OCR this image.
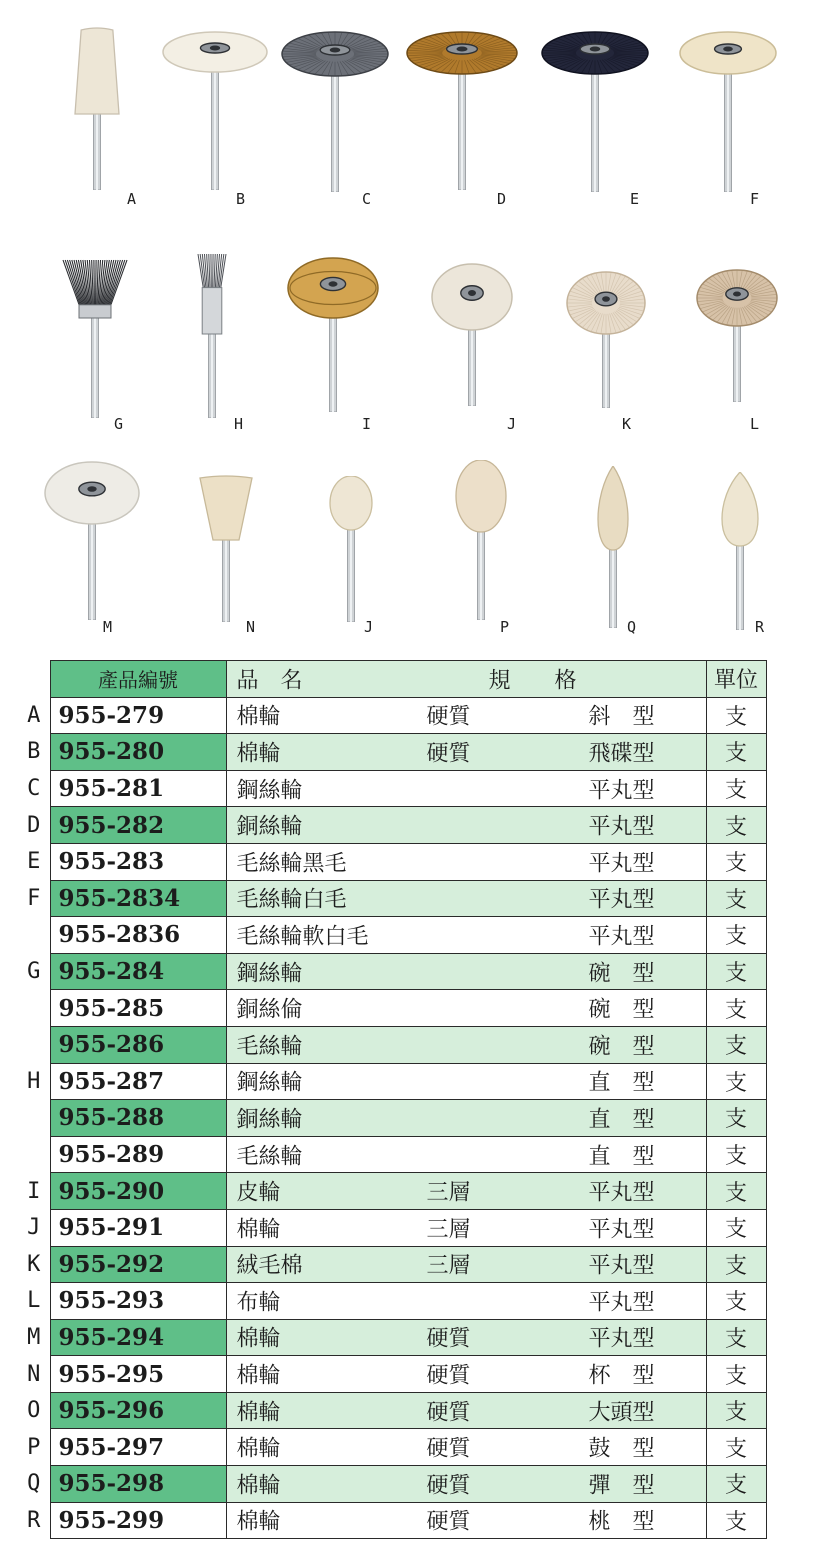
A	B	C	D	E	F
G	H	I	J	K	L
M	N	J	P	Q	R
	產品編號	品　名 規　　格	單位
A	955-279	棉輪 硬質 斜　型	支
B	955-280	棉輪 硬質 飛碟型	支
C	955-281	鋼絲輪 平丸型	支
D	955-282	銅絲輪 平丸型	支
E	955-283	毛絲輪黑毛 平丸型	支
F	955-2834	毛絲輪白毛 平丸型	支
	955-2836	毛絲輪軟白毛 平丸型	支
G	955-284	鋼絲輪 碗　型	支
	955-285	銅絲倫 碗　型	支
	955-286	毛絲輪 碗　型	支
H	955-287	鋼絲輪 直　型	支
	955-288	銅絲輪 直　型	支
	955-289	毛絲輪 直　型	支
I	955-290	皮輪 三層 平丸型	支
J	955-291	棉輪 三層 平丸型	支
K	955-292	絨毛棉 三層 平丸型	支
L	955-293	布輪 平丸型	支
M	955-294	棉輪 硬質 平丸型	支
N	955-295	棉輪 硬質 杯　型	支
O	955-296	棉輪 硬質 大頭型	支
P	955-297	棉輪 硬質 鼓　型	支
Q	955-298	棉輪 硬質 彈　型	支
R	955-299	棉輪 硬質 桃　型	支
